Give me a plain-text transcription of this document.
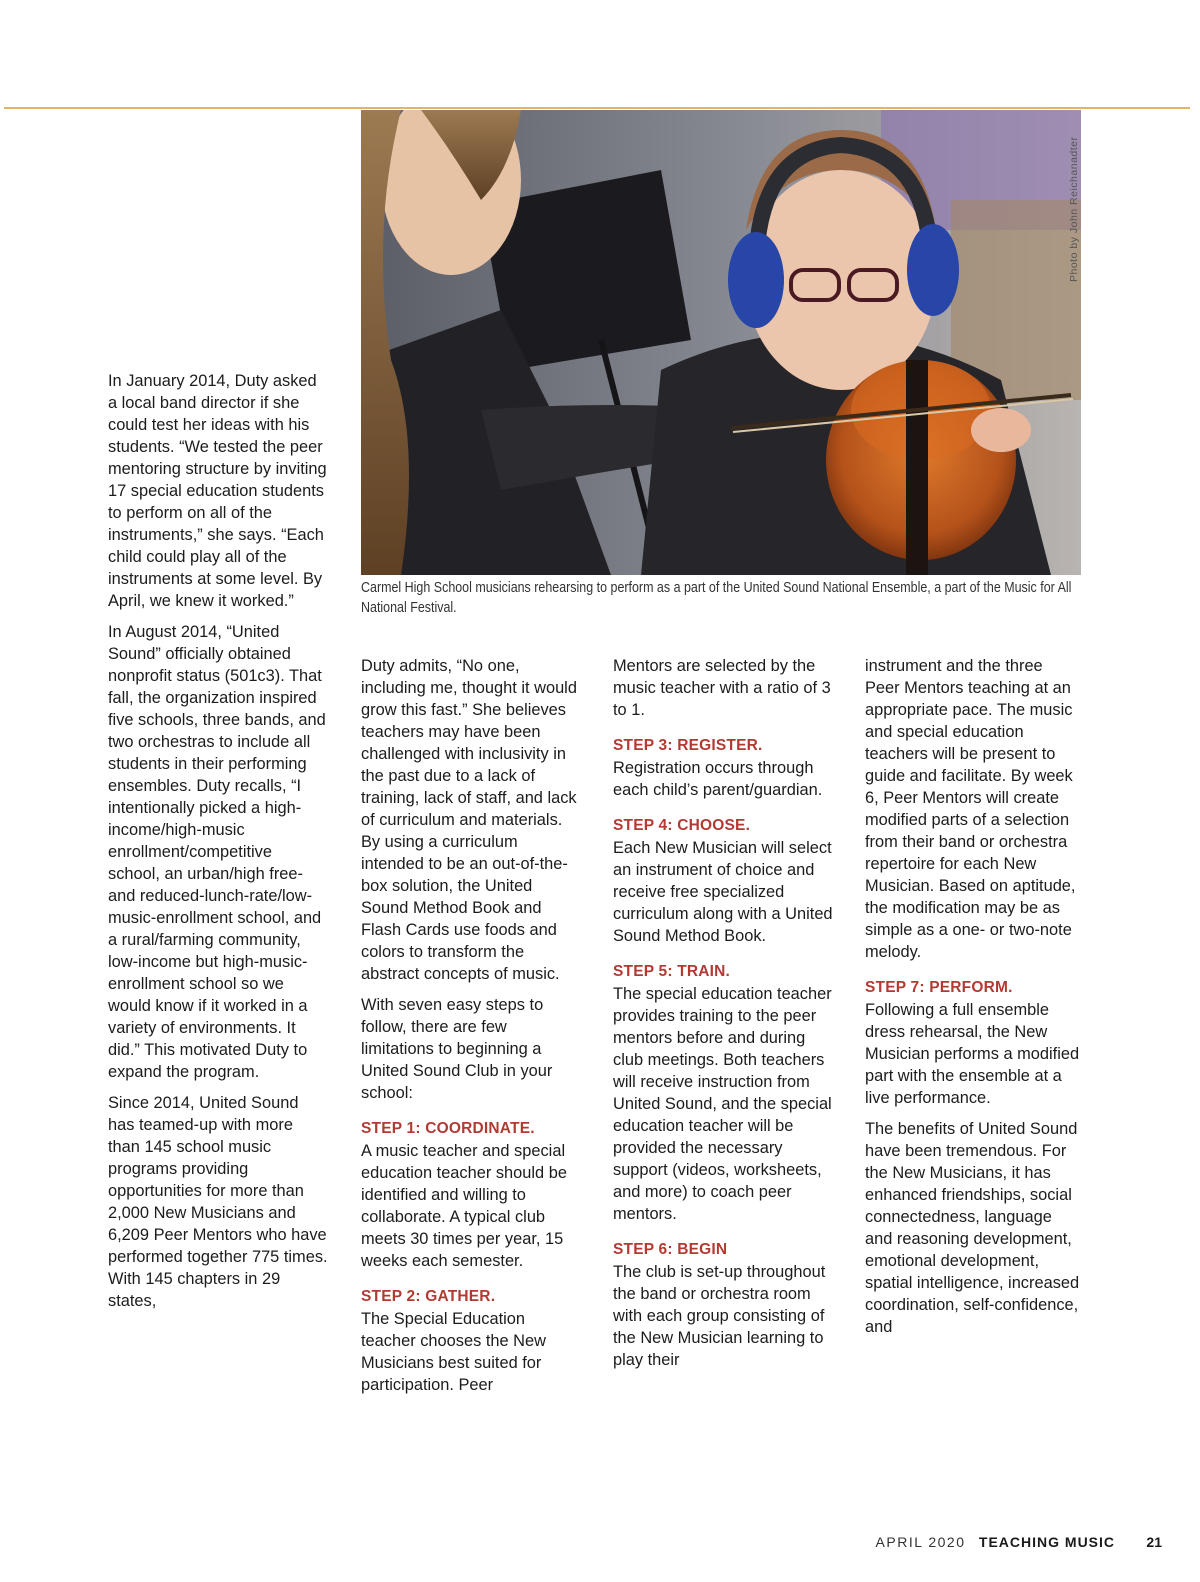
Photo by John Reichanadter
Carmel High School musicians rehearsing to perform as a part of the United Sound National Ensemble, a part of the Music for All National Festival.

In January 2014, Duty asked a local band director if she could test her ideas with his students. “We tested the peer mentoring structure by inviting 17 special education students to perform on all of the instruments,” she says. “Each child could play all of the instruments at some level. By April, we knew it worked.”

In August 2014, “United Sound” officially obtained nonprofit status (501c3). That fall, the organization inspired five schools, three bands, and two orchestras to include all students in their performing ensembles. Duty recalls, “I intentionally picked a high-income/high-music enrollment/competitive school, an urban/high free- and reduced-lunch-rate/low-music-enrollment school, and a rural/farming community, low-income but high-music-enrollment school so we would know if it worked in a variety of environments. It did.” This motivated Duty to expand the program.

Since 2014, United Sound has teamed-up with more than 145 school music programs providing opportunities for more than 2,000 New Musicians and 6,209 Peer Mentors who have performed together 775 times. With 145 chapters in 29 states,

Duty admits, “No one, including me, thought it would grow this fast.” She believes teachers may have been challenged with inclusivity in the past due to a lack of training, lack of staff, and lack of curriculum and materials. By using a curriculum intended to be an out-of-the-box solution, the United Sound Method Book and Flash Cards use foods and colors to transform the abstract concepts of music.

With seven easy steps to follow, there are few limitations to beginning a United Sound Club in your school:

STEP 1: COORDINATE.

A music teacher and special education teacher should be identified and willing to collaborate. A typical club meets 30 times per year, 15 weeks each semester.

STEP 2: GATHER.

The Special Education teacher chooses the New Musicians best suited for participation. Peer

Mentors are selected by the music teacher with a ratio of 3 to 1.

STEP 3: REGISTER.

Registration occurs through each child’s parent/guardian.

STEP 4: CHOOSE.

Each New Musician will select an instrument of choice and receive free specialized curriculum along with a United Sound Method Book.

STEP 5: TRAIN.

The special education teacher provides training to the peer mentors before and during club meetings. Both teachers will receive instruction from United Sound, and the special education teacher will be provided the necessary support (videos, worksheets, and more) to coach peer mentors.

STEP 6: BEGIN

The club is set-up throughout the band or orchestra room with each group consisting of the New Musician learning to play their

instrument and the three Peer Mentors teaching at an appropriate pace. The music and special education teachers will be present to guide and facilitate. By week 6, Peer Mentors will create modified parts of a selection from their band or orchestra repertoire for each New Musician. Based on aptitude, the modification may be as simple as a one- or two-note melody.

STEP 7: PERFORM.

Following a full ensemble dress rehearsal, the New Musician performs a modified part with the ensemble at a live performance.

The benefits of United Sound have been tremendous. For the New Musicians, it has enhanced friendships, social connectedness, language and reasoning development, emotional development, spatial intelligence, increased coordination, self-confidence, and

APRIL 2020 TEACHING MUSIC 21
